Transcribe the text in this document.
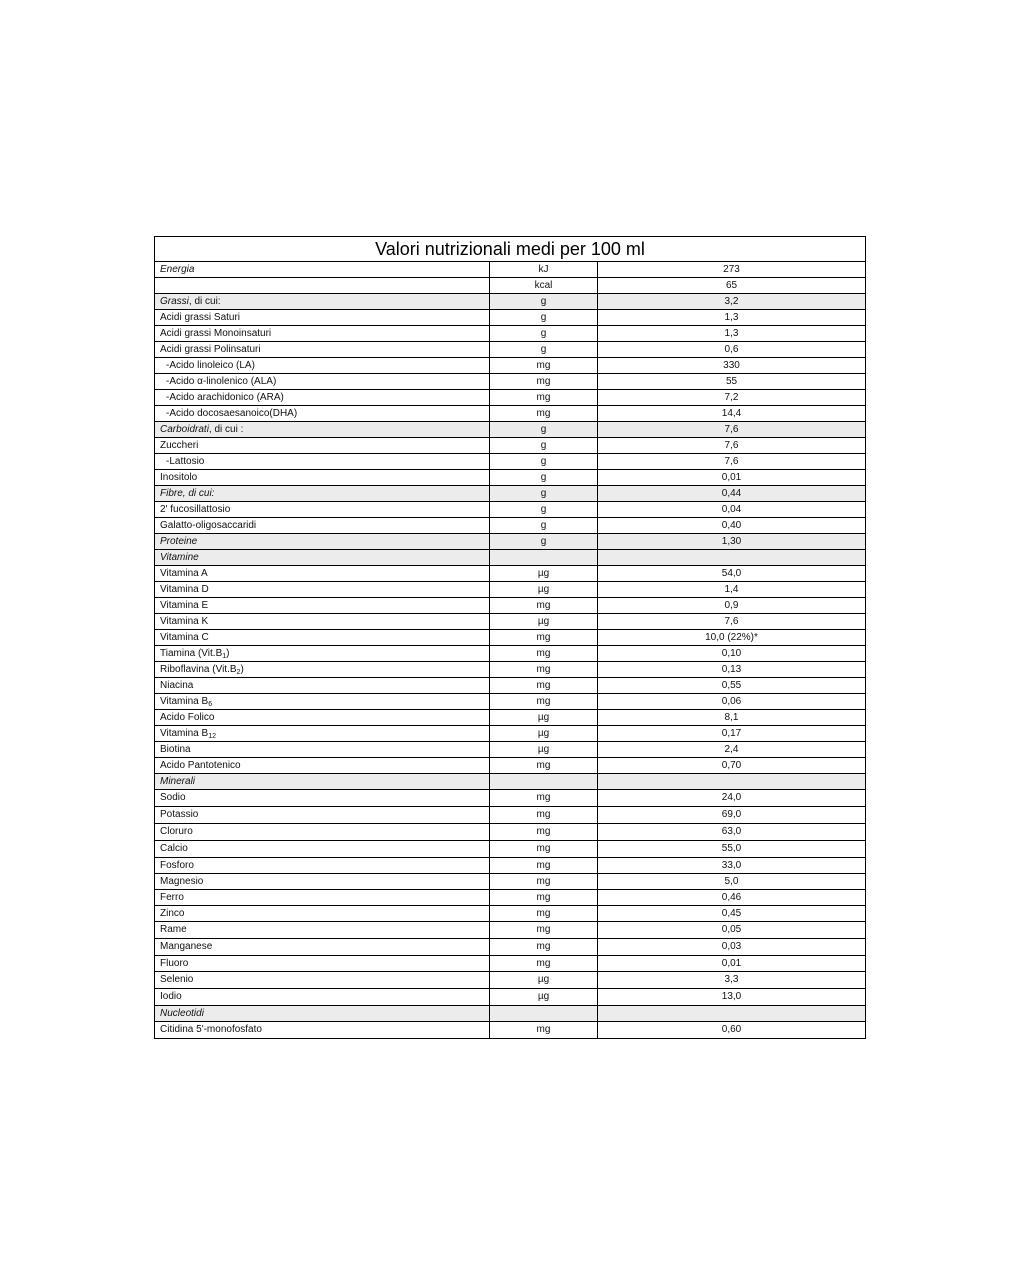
Valori nutrizionali medi per 100 ml		
Energia	kJ	273
	kcal	65
Grassi, di cui:	g	3,2
Acidi grassi Saturi	g	1,3
Acidi grassi Monoinsaturi	g	1,3
Acidi grassi Polinsaturi	g	0,6
-Acido linoleico (LA)	mg	330
-Acido α-linolenico (ALA)	mg	55
-Acido arachidonico (ARA)	mg	7,2
-Acido docosaesanoico(DHA)	mg	14,4
Carboidrati, di cui :	g	7,6
Zuccheri	g	7,6
-Lattosio	g	7,6
Inositolo	g	0,01
Fibre, di cui:	g	0,44
2' fucosillattosio	g	0,04
Galatto-oligosaccaridi	g	0,40
Proteine	g	1,30
Vitamine		
Vitamina A	µg	54,0
Vitamina D	µg	1,4
Vitamina E	mg	0,9
Vitamina K	µg	7,6
Vitamina C	mg	10,0 (22%)*
Tiamina $(Vit.B_1)$	mg	0,10
Riboflavina $(Vit.B_2)$	mg	0,13
Niacina	mg	0,55
Vitamina $B_6$	mg	0,06
Acido Folico	µg	8,1
Vitamina $B_{12}$	µg	0,17
Biotina	µg	2,4
Acido Pantotenico	mg	0,70
Minerali		
Sodio	mg	24,0
Potassio	mg	69,0
Cloruro	mg	63,0
Calcio	mg	55,0
Fosforo	mg	33,0
Magnesio	mg	5,0
Ferro	mg	0,46
Zinco	mg	0,45
Rame	mg	0,05
Manganese	mg	0,03
Fluoro	mg	0,01
Selenio	µg	3,3
Iodio	µg	13,0
Nucleotidi		
Citidina 5'-monofosfato	mg	0,60
